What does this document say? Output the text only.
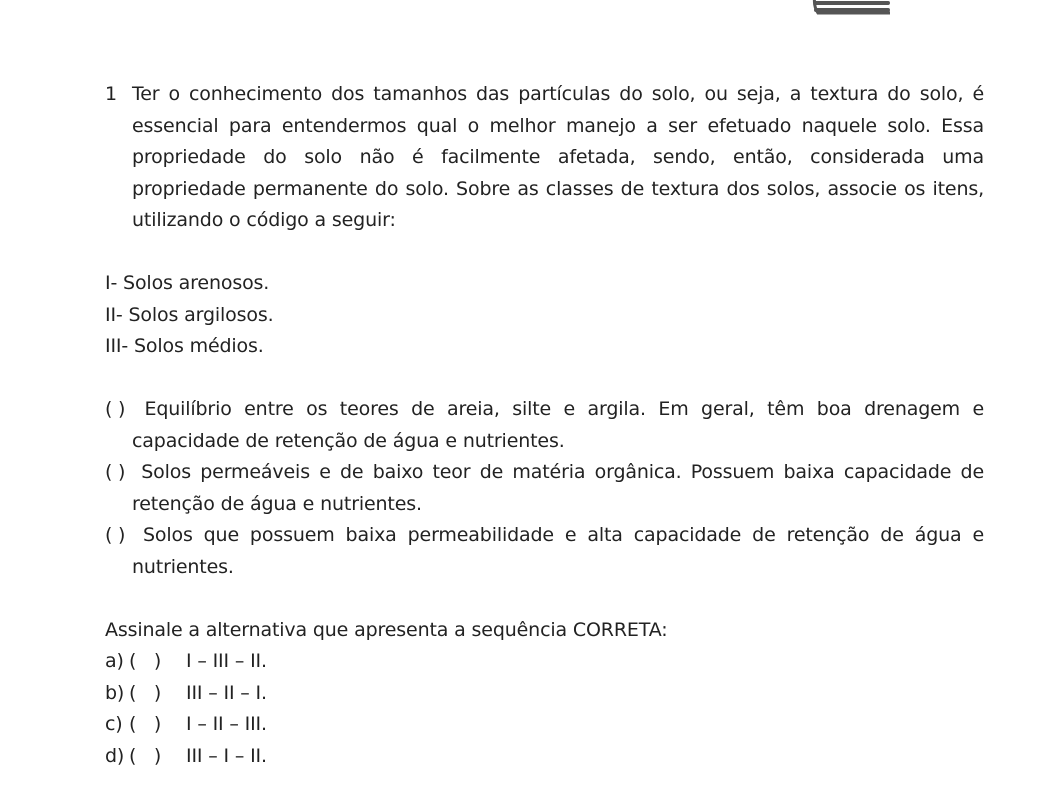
1 Ter o conhecimento dos tamanhos das partículas do solo, ou seja, a textura do solo, é essencial para entendermos qual o melhor manejo a ser efetuado naquele solo. Essa propriedade do solo não é facilmente afetada, sendo, então, considerada uma propriedade permanente do solo. Sobre as classes de textura dos solos, associe os itens, utilizando o código a seguir:
I- Solos arenosos.
II- Solos argilosos.
III- Solos médios.
( ) Equilíbrio entre os teores de areia, silte e argila. Em geral, têm boa drenagem e capacidade de retenção de água e nutrientes.
( ) Solos permeáveis e de baixo teor de matéria orgânica. Possuem baixa capacidade de retenção de água e nutrientes.
( ) Solos que possuem baixa permeabilidade e alta capacidade de retenção de água e nutrientes.
Assinale a alternativa que apresenta a sequência CORRETA:
a) (   )	I – III – II.
b) (   )	III – II – I.
c) (   )	I – II – III.
d) (   )	III – I – II.
